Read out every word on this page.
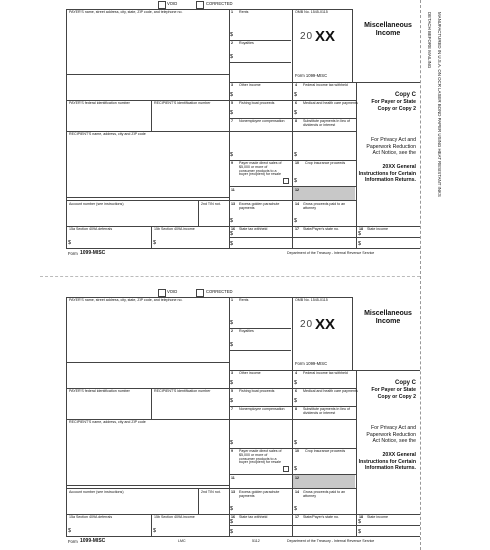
DETACH BEFORE MAILING MANUFACTURED IN U.S.A. ON OCR LASER BOND PAPER USING HEAT RESISTANT INKS
VOID	CORRECTED
PAYER'S name, street address, city, state, ZIP code, and telephone no.
PAYER'S federal identification number	RECIPIENT'S identification number
RECIPIENT'S name, address, city and ZIP code
Account number (see instructions)	2nd TIN not.
15a Section 409A deferrals	15b Section 409A income
$	$
1 Rents
$
2 Royalties
$
OMB No. 1545-0115
20 XX
Form 1099-MISC
Miscellaneous Income
3 Other income
$
4 Federal income tax withheld
$	Copy C
For Payer or State Copy or Copy 2
5 Fishing boat proceeds
$
6 Medical and health care payments
$
7 Nonemployee compensation
$
8 Substitute payments in lieu of dividends or interest
$
For Privacy Act and Paperwork Reduction Act Notice, see the
20XX General Instructions for Certain Information Returns.
9 Payer made direct sales of $5,000 or more of consumer products to a buyer (recipient) for resale
10 Crop insurance proceeds
$
11	12
13 Excess golden parachute payments
$
14 Gross proceeds paid to an attorney
$
16 State tax withheld
$
$
17 State/Payer's state no.	18 State income
$
$
Form 1099-MISC	Department of the Treasury - Internal Revenue Service
VOID	CORRECTED
PAYER'S name, street address, city, state, ZIP code, and telephone no.
PAYER'S federal identification number	RECIPIENT'S identification number
RECIPIENT'S name, address, city and ZIP code
Account number (see instructions)	2nd TIN not.
15a Section 409A deferrals	15b Section 409A income
$	$
1 Rents
$
2 Royalties
$
OMB No. 1545-0115
20 XX
Form 1099-MISC
Miscellaneous Income
3 Other income
$
4 Federal income tax withheld
$	Copy C
For Payer or State Copy or Copy 2
5 Fishing boat proceeds
$
6 Medical and health care payments
$
7 Nonemployee compensation
$
8 Substitute payments in lieu of dividends or interest
$
For Privacy Act and Paperwork Reduction Act Notice, see the
20XX General Instructions for Certain Information Returns.
9 Payer made direct sales of $5,000 or more of consumer products to a buyer (recipient) for resale
10 Crop insurance proceeds
$
11	12
13 Excess golden parachute payments
$
14 Gross proceeds paid to an attorney
$
16 State tax withheld
$
$
17 State/Payer's state no.	18 State income
$
$
Form 1099-MISC	LMC	5112	Department of the Treasury - Internal Revenue Service
